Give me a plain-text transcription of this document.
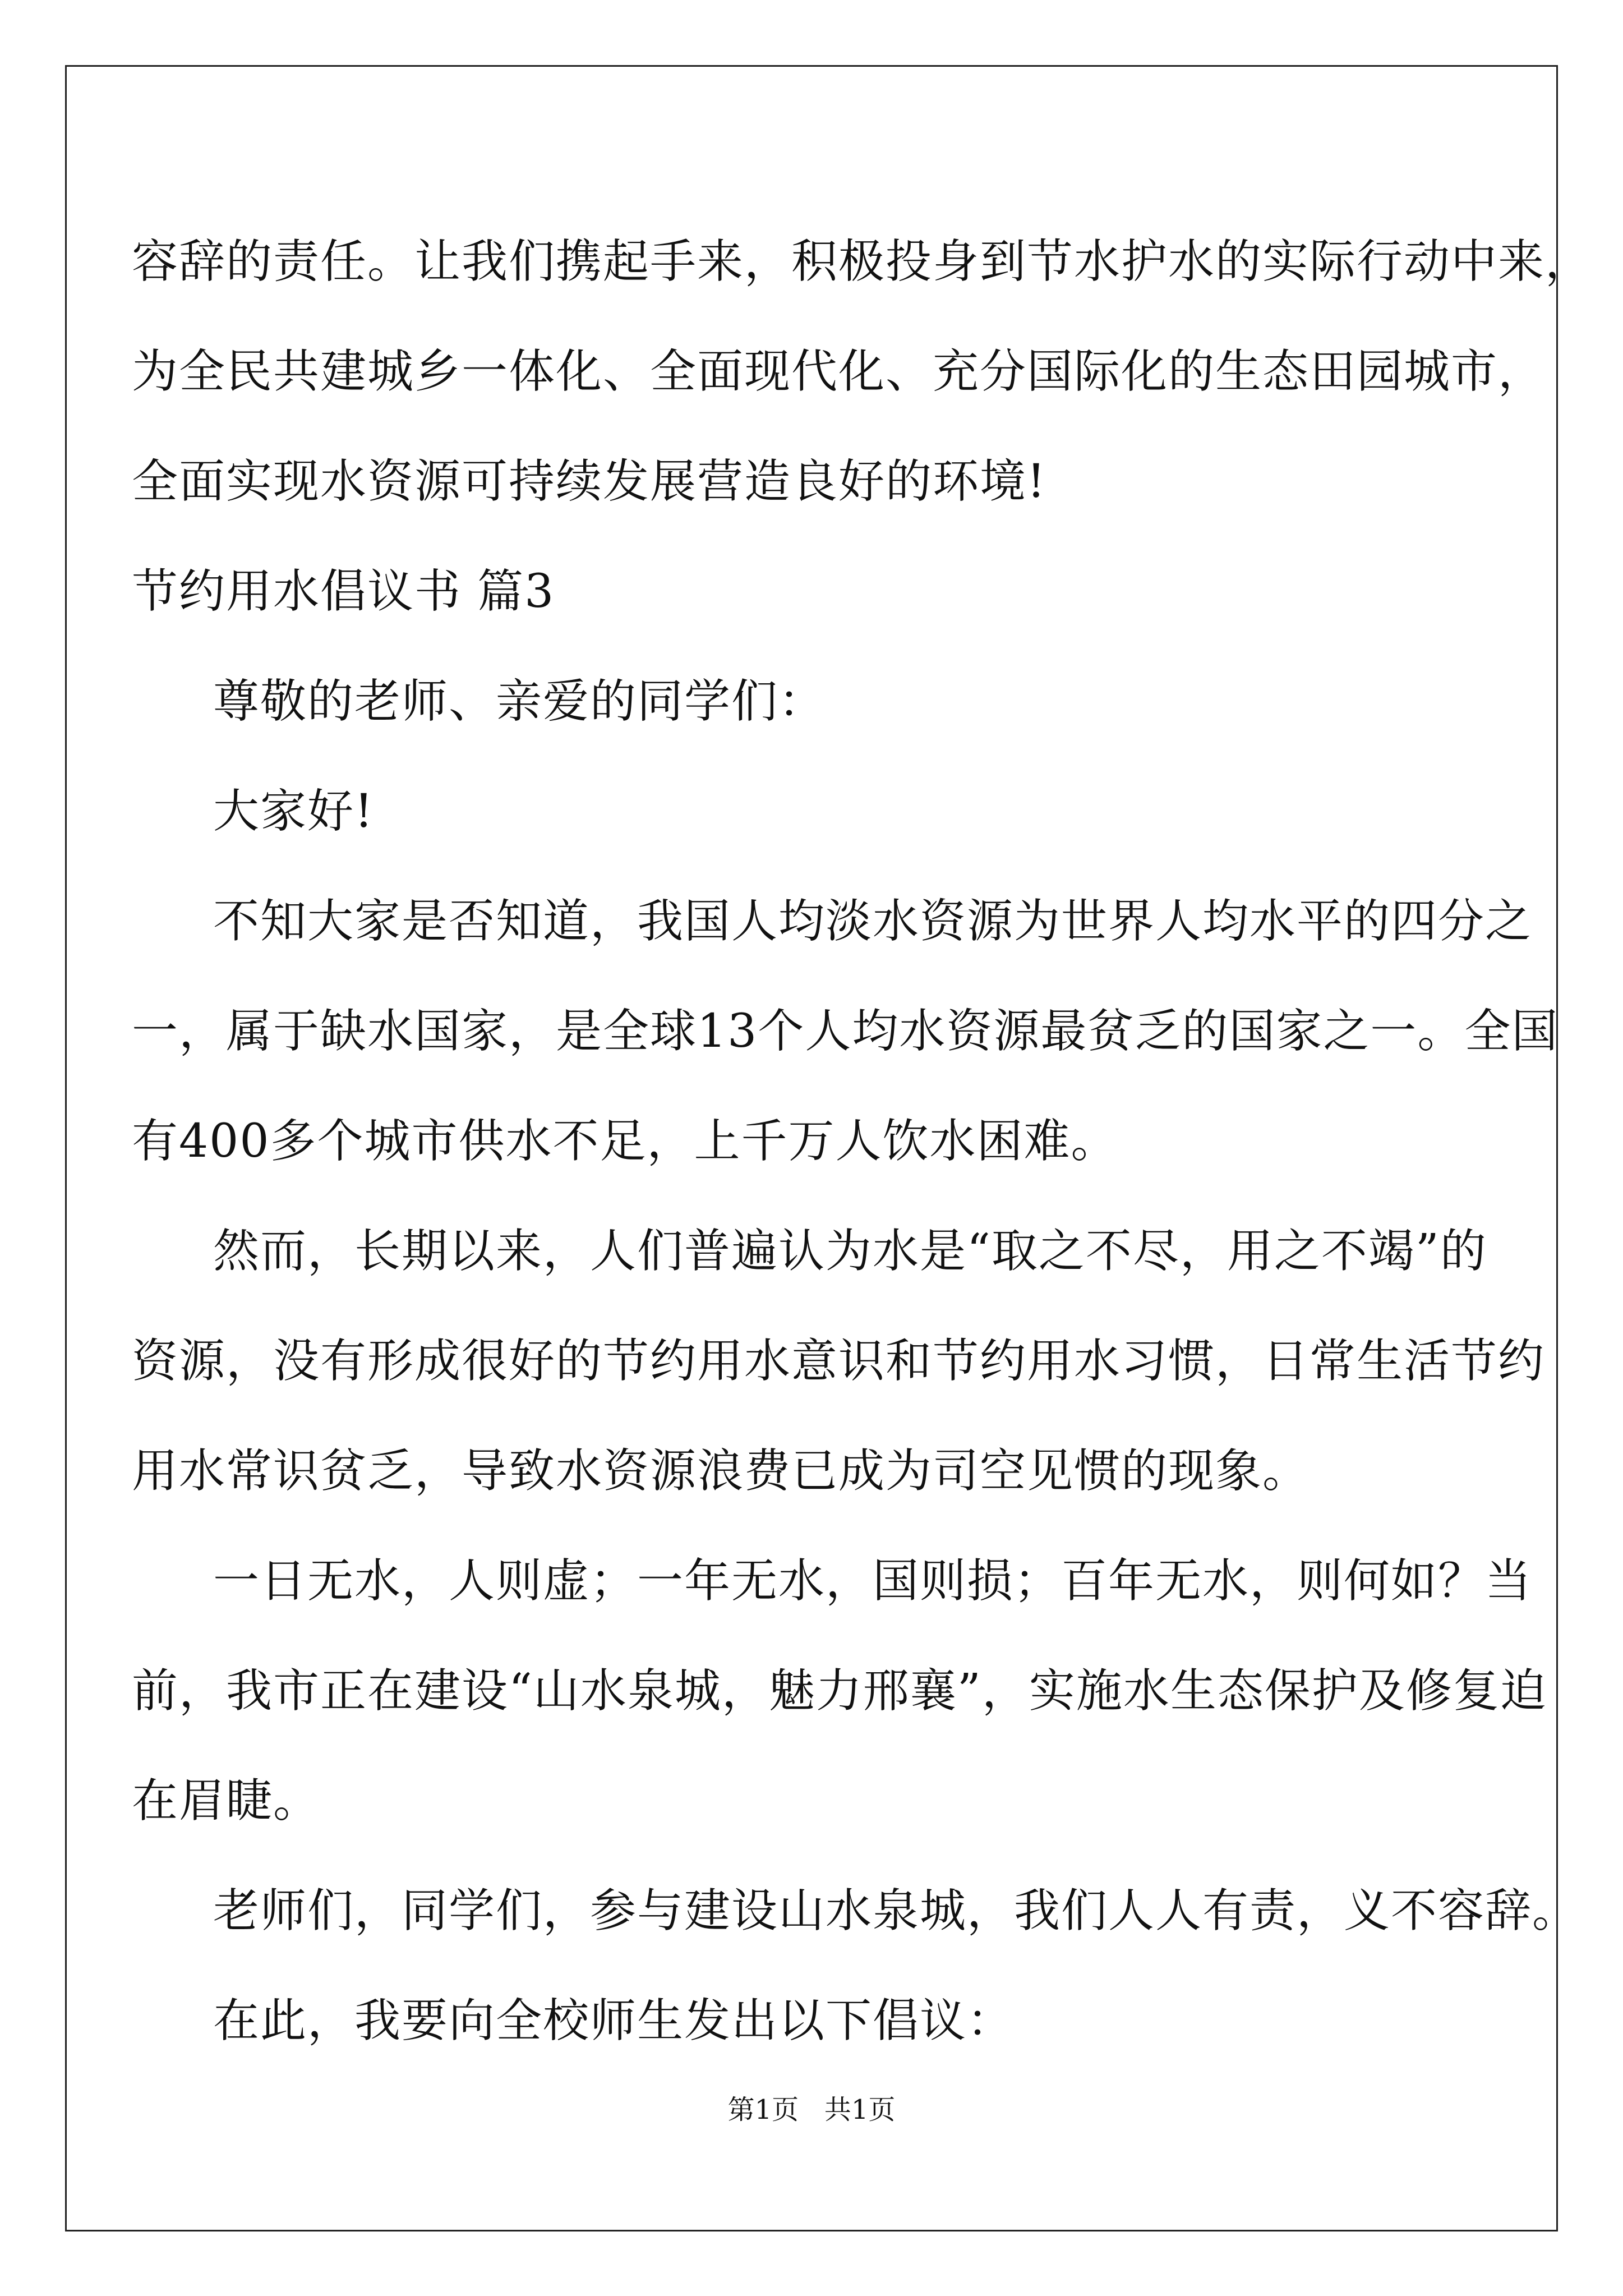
容辞的责任。让我们携起手来，积极投身到节水护水的实际行动中来，
为全民共建城乡一体化、全面现代化、充分国际化的生态田园城市，
全面实现水资源可持续发展营造良好的环境!
节约用水倡议书 篇3
尊敬的老师、亲爱的同学们：
大家好!
不知大家是否知道，我国人均淡水资源为世界人均水平的四分之
一，属于缺水国家，是全球13个人均水资源最贫乏的国家之一。全国
有400多个城市供水不足，上千万人饮水困难。
然而，长期以来，人们普遍认为水是“取之不尽，用之不竭”的
资源，没有形成很好的节约用水意识和节约用水习惯，日常生活节约
用水常识贫乏，导致水资源浪费已成为司空见惯的现象。
一日无水，人则虚；一年无水，国则损；百年无水，则何如？当
前，我市正在建设“山水泉城，魅力邢襄”，实施水生态保护及修复迫
在眉睫。
老师们，同学们，参与建设山水泉城，我们人人有责，义不容辞。
在此，我要向全校师生发出以下倡议：
第1页   共1页
